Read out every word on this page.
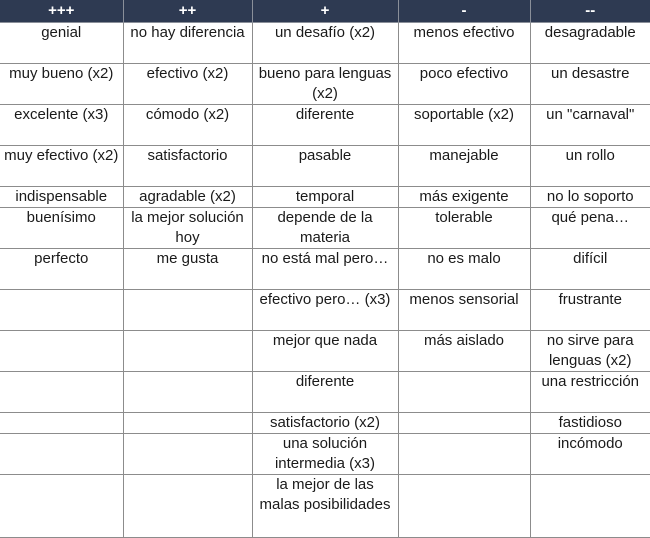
+++	++	+	-	--
genial	no hay diferencia	un desafío (x2)	menos efectivo	desagradable
muy bueno (x2)	efectivo (x2)	bueno para lenguas (x2)	poco efectivo	un desastre
excelente (x3)	cómodo (x2)	diferente	soportable (x2)	un "carnaval"
muy efectivo (x2)	satisfactorio	pasable	manejable	un rollo
indispensable	agradable (x2)	temporal	más exigente	no lo soporto
buenísimo	la mejor solución hoy	depende de la materia	tolerable	qué pena…
perfecto	me gusta	no está mal pero…	no es malo	difícil
		efectivo pero… (x3)	menos sensorial	frustrante
		mejor que nada	más aislado	no sirve para lenguas (x2)
		diferente		una restricción
		satisfactorio (x2)		fastidioso
		una solución intermedia (x3)		incómodo
		la mejor de las malas posibilidades		
